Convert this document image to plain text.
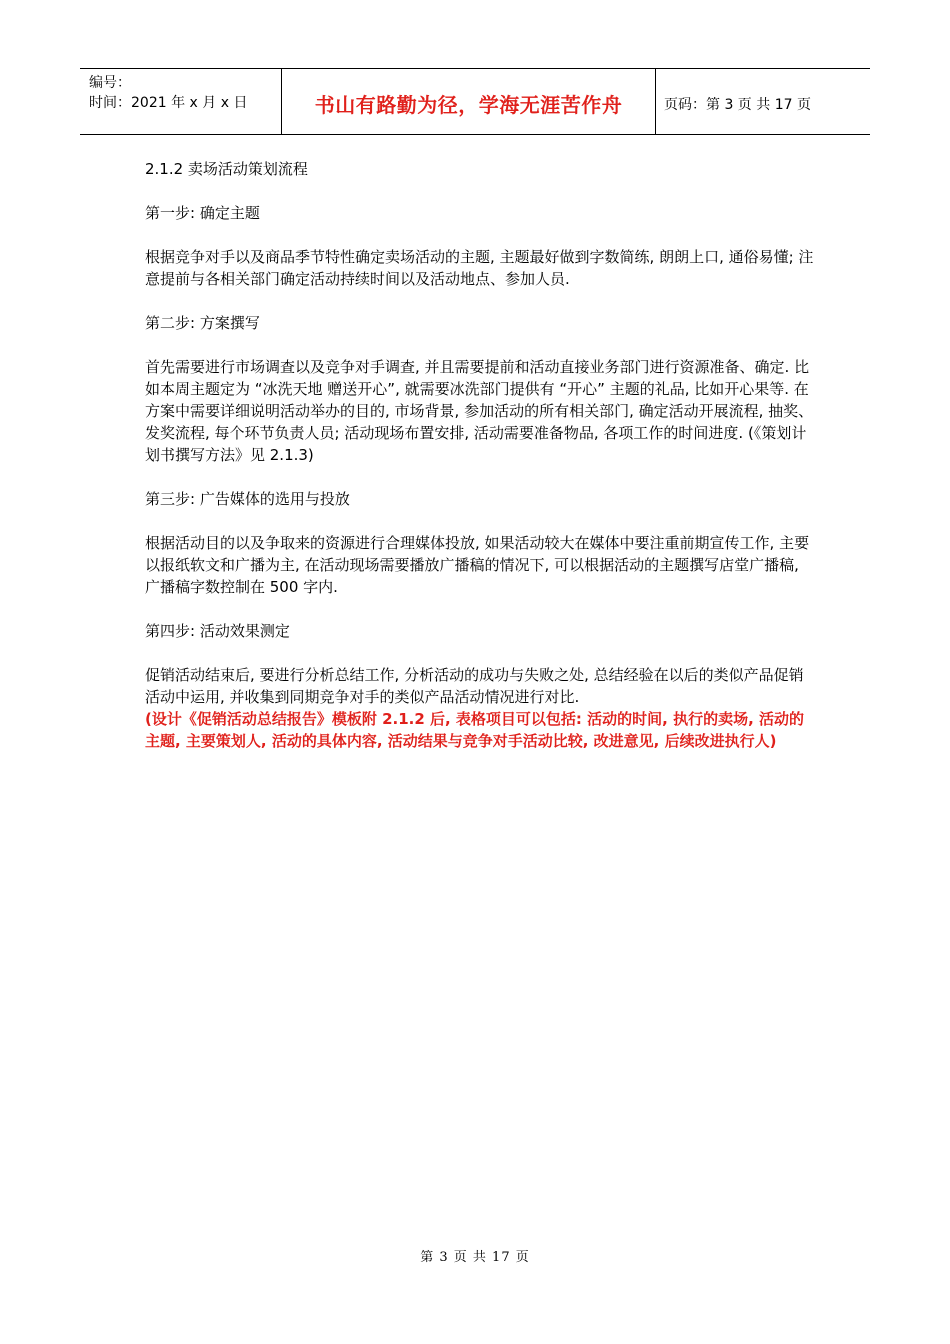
编号：
时间：2021 年 x 月 x 日	书山有路勤为径，学海无涯苦作舟	页码：第 3 页 共 17 页

2.1.2 卖场活动策划流程

第一步: 确定主题

根据竞争对手以及商品季节特性确定卖场活动的主题, 主题最好做到字数简练, 朗朗上口, 通俗易懂; 注意提前与各相关部门确定活动持续时间以及活动地点、参加人员.

第二步: 方案撰写

首先需要进行市场调查以及竞争对手调查, 并且需要提前和活动直接业务部门进行资源准备、确定. 比如本周主题定为 “冰洗天地 赠送开心”, 就需要冰洗部门提供有 “开心” 主题的礼品, 比如开心果等. 在方案中需要详细说明活动举办的目的, 市场背景, 参加活动的所有相关部门, 确定活动开展流程, 抽奖、发奖流程, 每个环节负责人员; 活动现场布置安排, 活动需要准备物品, 各项工作的时间进度. (《策划计划书撰写方法》见 2.1.3)

第三步: 广告媒体的选用与投放

根据活动目的以及争取来的资源进行合理媒体投放, 如果活动较大在媒体中要注重前期宣传工作, 主要以报纸软文和广播为主, 在活动现场需要播放广播稿的情况下, 可以根据活动的主题撰写店堂广播稿, 广播稿字数控制在 500 字内.

第四步: 活动效果测定

促销活动结束后, 要进行分析总结工作, 分析活动的成功与失败之处, 总结经验在以后的类似产品促销活动中运用, 并收集到同期竞争对手的类似产品活动情况进行对比.

(设计《促销活动总结报告》模板附 2.1.2 后, 表格项目可以包括: 活动的时间, 执行的卖场, 活动的主题, 主要策划人, 活动的具体内容, 活动结果与竞争对手活动比较, 改进意见, 后续改进执行人)

第 3 页 共 17 页
